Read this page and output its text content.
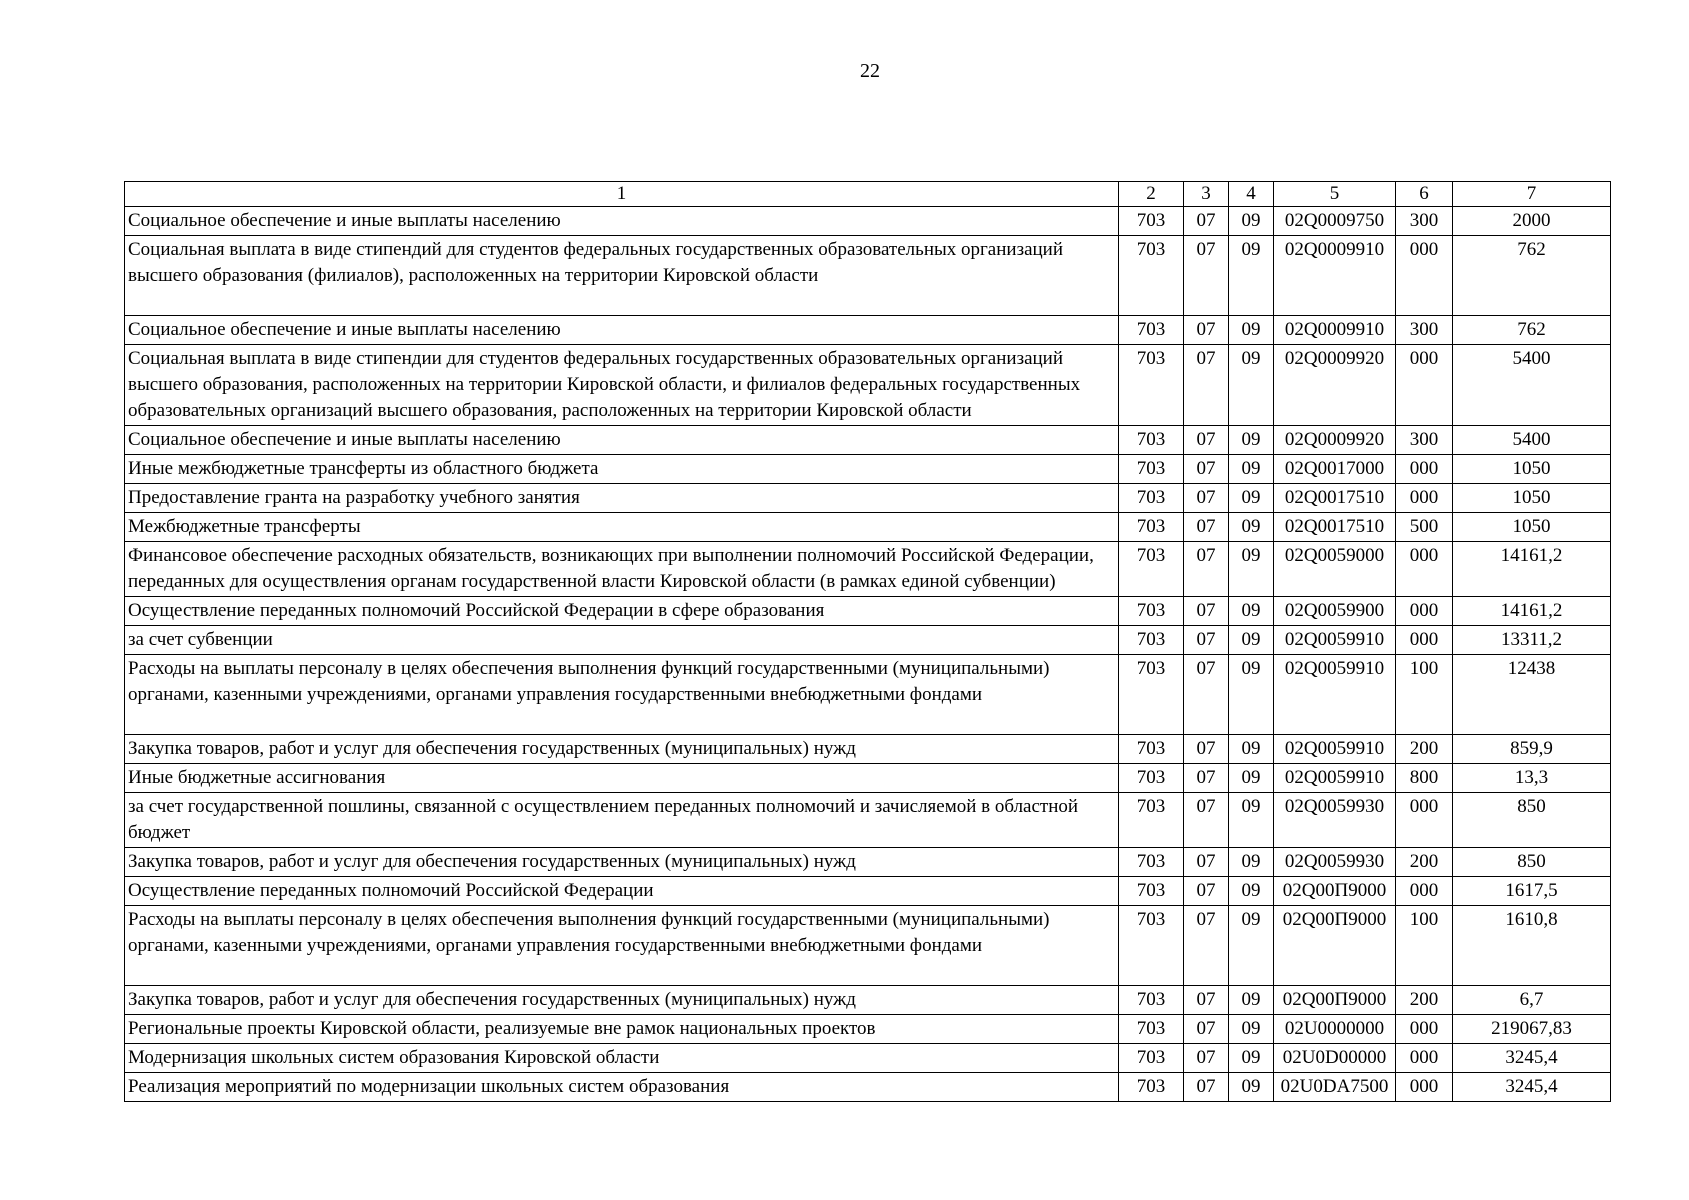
22
1	2	3	4	5	6	7
Социальное обеспечение и иные выплаты населению	703	07	09	02Q0009750	300	2000
Социальная выплата в виде стипендий для студентов федеральных государственных образовательных организаций высшего образования (филиалов), расположенных на территории Кировской области	703	07	09	02Q0009910	000	762
Социальное обеспечение и иные выплаты населению	703	07	09	02Q0009910	300	762
Социальная выплата в виде стипендии для студентов федеральных государственных образовательных организаций высшего образования, расположенных на территории Кировской области, и филиалов федеральных государственных образовательных организаций высшего образования, расположенных на территории Кировской области	703	07	09	02Q0009920	000	5400
Социальное обеспечение и иные выплаты населению	703	07	09	02Q0009920	300	5400
Иные межбюджетные трансферты из областного бюджета	703	07	09	02Q0017000	000	1050
Предоставление гранта на разработку учебного занятия	703	07	09	02Q0017510	000	1050
Межбюджетные трансферты	703	07	09	02Q0017510	500	1050
Финансовое обеспечение расходных обязательств, возникающих при выполнении полномочий Российской Федерации, переданных для осуществления органам государственной власти Кировской области (в рамках единой субвенции)	703	07	09	02Q0059000	000	14161,2
Осуществление переданных полномочий Российской Федерации в сфере образования	703	07	09	02Q0059900	000	14161,2
за счет субвенции	703	07	09	02Q0059910	000	13311,2
Расходы на выплаты персоналу в целях обеспечения выполнения функций государственными (муниципальными) органами, казенными учреждениями, органами управления государственными внебюджетными фондами	703	07	09	02Q0059910	100	12438
Закупка товаров, работ и услуг для обеспечения государственных (муниципальных) нужд	703	07	09	02Q0059910	200	859,9
Иные бюджетные ассигнования	703	07	09	02Q0059910	800	13,3
за счет государственной пошлины, связанной с осуществлением переданных полномочий и зачисляемой в областной бюджет	703	07	09	02Q0059930	000	850
Закупка товаров, работ и услуг для обеспечения государственных (муниципальных) нужд	703	07	09	02Q0059930	200	850
Осуществление переданных полномочий Российской Федерации	703	07	09	02Q00П9000	000	1617,5
Расходы на выплаты персоналу в целях обеспечения выполнения функций государственными (муниципальными) органами, казенными учреждениями, органами управления государственными внебюджетными фондами	703	07	09	02Q00П9000	100	1610,8
Закупка товаров, работ и услуг для обеспечения государственных (муниципальных) нужд	703	07	09	02Q00П9000	200	6,7
Региональные проекты Кировской области, реализуемые вне рамок национальных проектов	703	07	09	02U0000000	000	219067,83
Модернизация школьных систем образования Кировской области	703	07	09	02U0D00000	000	3245,4
Реализация мероприятий по модернизации школьных систем образования	703	07	09	02U0DA7500	000	3245,4
